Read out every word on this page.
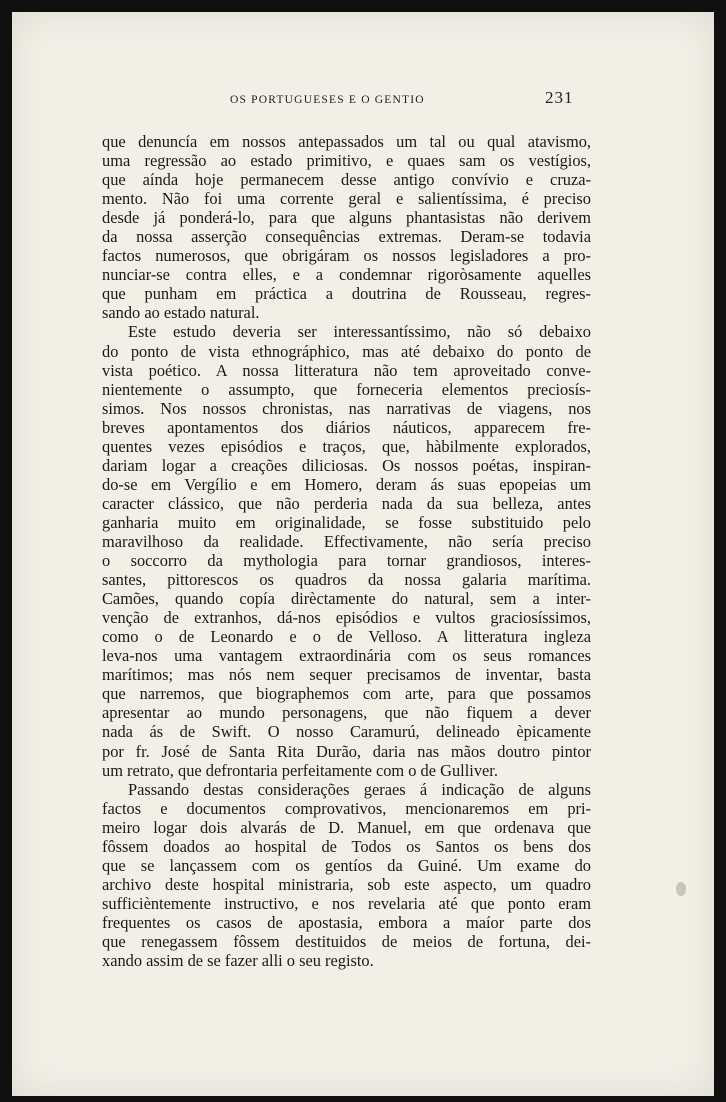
OS PORTUGUESES E O GENTIO	231
que denuncía em nossos antepassados um tal ou qual atavismo,
uma regressão ao estado primitivo, e quaes sam os vestígios,
que aínda hoje permanecem desse antigo convívio e cruza-
mento. Não foi uma corrente geral e salientíssima, é preciso
desde já ponderá-lo, para que alguns phantasistas não derivem
da nossa asserção consequências extremas. Deram-se todavia
factos numerosos, que obrigáram os nossos legisladores a pro-
nunciar-se contra elles, e a condemnar rigoròsamente aquelles
que punham em práctica a doutrina de Rousseau, regres-
sando ao estado natural.
Este estudo deveria ser interessantíssimo, não só debaixo
do ponto de vista ethnográphico, mas até debaixo do ponto de
vista poético. A nossa litteratura não tem aproveitado conve-
nientemente o assumpto, que forneceria elementos preciosís-
simos. Nos nossos chronistas, nas narrativas de viagens, nos
breves apontamentos dos diários náuticos, apparecem fre-
quentes vezes episódios e traços, que, hàbilmente explorados,
dariam logar a creações diliciosas. Os nossos poétas, inspiran-
do-se em Vergílio e em Homero, deram ás suas epopeias um
caracter clássico, que não perderia nada da sua belleza, antes
ganharia muito em originalidade, se fosse substituido pelo
maravilhoso da realidade. Effectivamente, não sería preciso
o soccorro da mythologia para tornar grandiosos, interes-
santes, pittorescos os quadros da nossa galaria marítima.
Camões, quando copía dirèctamente do natural, sem a inter-
venção de extranhos, dá-nos episódios e vultos graciosíssimos,
como o de Leonardo e o de Velloso. A litteratura ingleza
leva-nos uma vantagem extraordinária com os seus romances
marítimos; mas nós nem sequer precisamos de inventar, basta
que narremos, que biographemos com arte, para que possamos
apresentar ao mundo personagens, que não fiquem a dever
nada ás de Swift. O nosso Caramurú, delineado èpicamente
por fr. José de Santa Rita Durão, daria nas mãos doutro pintor
um retrato, que defrontaria perfeitamente com o de Gulliver.
Passando destas considerações geraes á indicação de alguns
factos e documentos comprovativos, mencionaremos em pri-
meiro logar dois alvarás de D. Manuel, em que ordenava que
fôssem doados ao hospital de Todos os Santos os bens dos
que se lançassem com os gentíos da Guiné. Um exame do
archivo deste hospital ministraria, sob este aspecto, um quadro
sufficièntemente instructivo, e nos revelaria até que ponto eram
frequentes os casos de apostasia, embora a maíor parte dos
que renegassem fôssem destituidos de meios de fortuna, dei-
xando assim de se fazer alli o seu registo.
